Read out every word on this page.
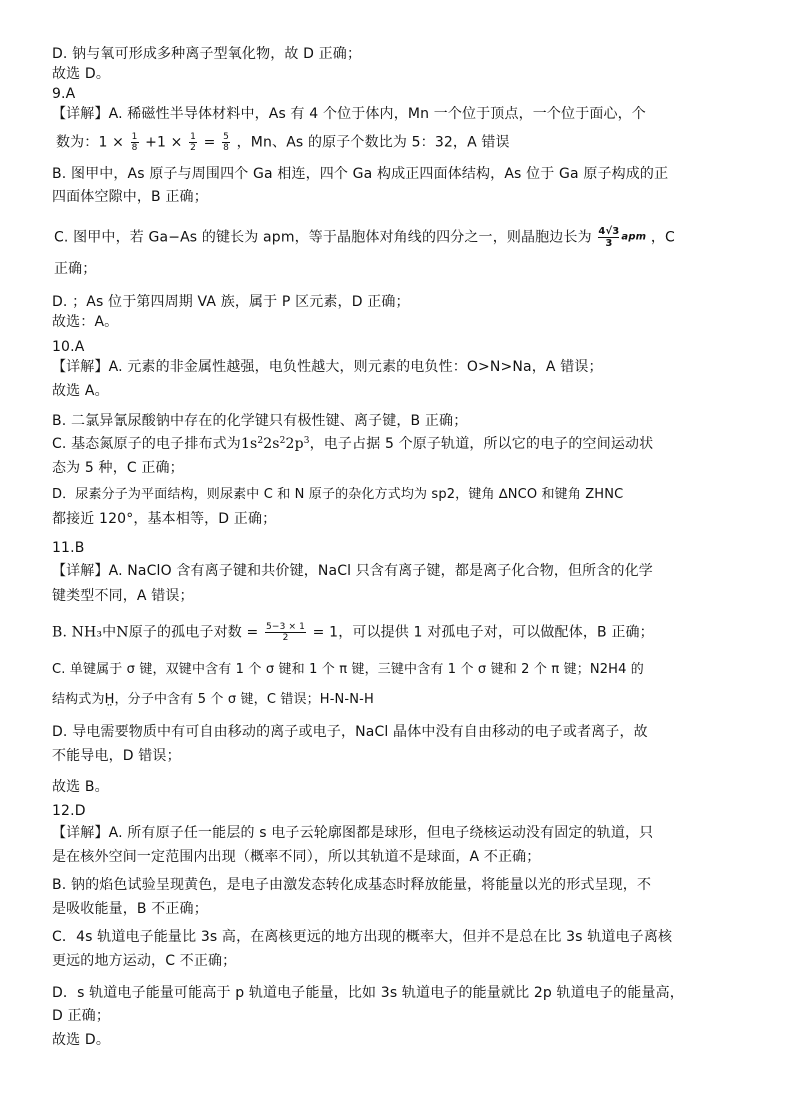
D. 钠与氧可形成多种离子型氧化物，故 D 正确；
故选 D。
9.A
【详解】A. 稀磁性半导体材料中，As 有 4 个位于体内，Mn 一个位于顶点，一个位于面心，个
数为：$1 \times \frac{1}{8} +1 \times \frac{1}{2} = \frac{5}{8}$ ，Mn、As 的原子个数比为 5：32，A 错误
B. 图甲中，As 原子与周围四个 Ga 相连，四个 Ga 构成正四面体结构，As 位于 Ga 原子构成的正
四面体空隙中，B 正确；
C. 图甲中，若 Ga−As 的键长为 apm，等于晶胞体对角线的四分之一，则晶胞边长为 $\frac{4√3}{3}$ apm ，C
正确；
D. ；As 位于第四周期 VA 族，属于 P 区元素，D 正确；
故选：A。
10.A
【详解】A. 元素的非金属性越强，电负性越大，则元素的电负性：O>N>Na，A 错误；
故选 A。
B. 二氯异氰尿酸钠中存在的化学键只有极性键、离子键，B 正确；
C. 基态氮原子的电子排布式为$1s^22s^22p^3$，电子占据 5 个原子轨道，所以它的电子的空间运动状
态为 5 种，C 正确；
D．尿素分子为平面结构，则尿素中 C 和 N 原子的杂化方式均为 sp2，键角 ∆NCO 和键角 ZHNC
都接近 120°，基本相等，D 正确；
11.B
【详解】A. NaClO 含有离子键和共价键，NaCl 只含有离子键，都是离子化合物，但所含的化学
键类型不同，A 错误；
B. NH₃中N原子的孤电子对数 = $\frac{5-3 \times 1}{2} = 1$，可以提供 1 对孤电子对，可以做配体，B 正确；
C. 单键属于 σ 键，双键中含有 1 个 σ 键和 1 个 π 键，三键中含有 1 个 σ 键和 2 个 π 键；N2H4 的
结构式为H̤，分子中含有 5 个 σ 键，C 错误；H-N-N-H
D. 导电需要物质中有可自由移动的离子或电子，NaCl 晶体中没有自由移动的电子或者离子，故
不能导电，D 错误；
故选 B。
12.D
【详解】A. 所有原子任一能层的 s 电子云轮廓图都是球形，但电子绕核运动没有固定的轨道，只
是在核外空间一定范围内出现（概率不同），所以其轨道不是球面，A 不正确；
B. 钠的焰色试验呈现黄色，是电子由激发态转化成基态时释放能量，将能量以光的形式呈现，不
是吸收能量，B 不正确；
C．4s 轨道电子能量比 3s 高，在离核更远的地方出现的概率大，但并不是总在比 3s 轨道电子离核
更远的地方运动，C 不正确；
D．s 轨道电子能量可能高于 p 轨道电子能量，比如 3s 轨道电子的能量就比 2p 轨道电子的能量高，
D 正确；
故选 D。
